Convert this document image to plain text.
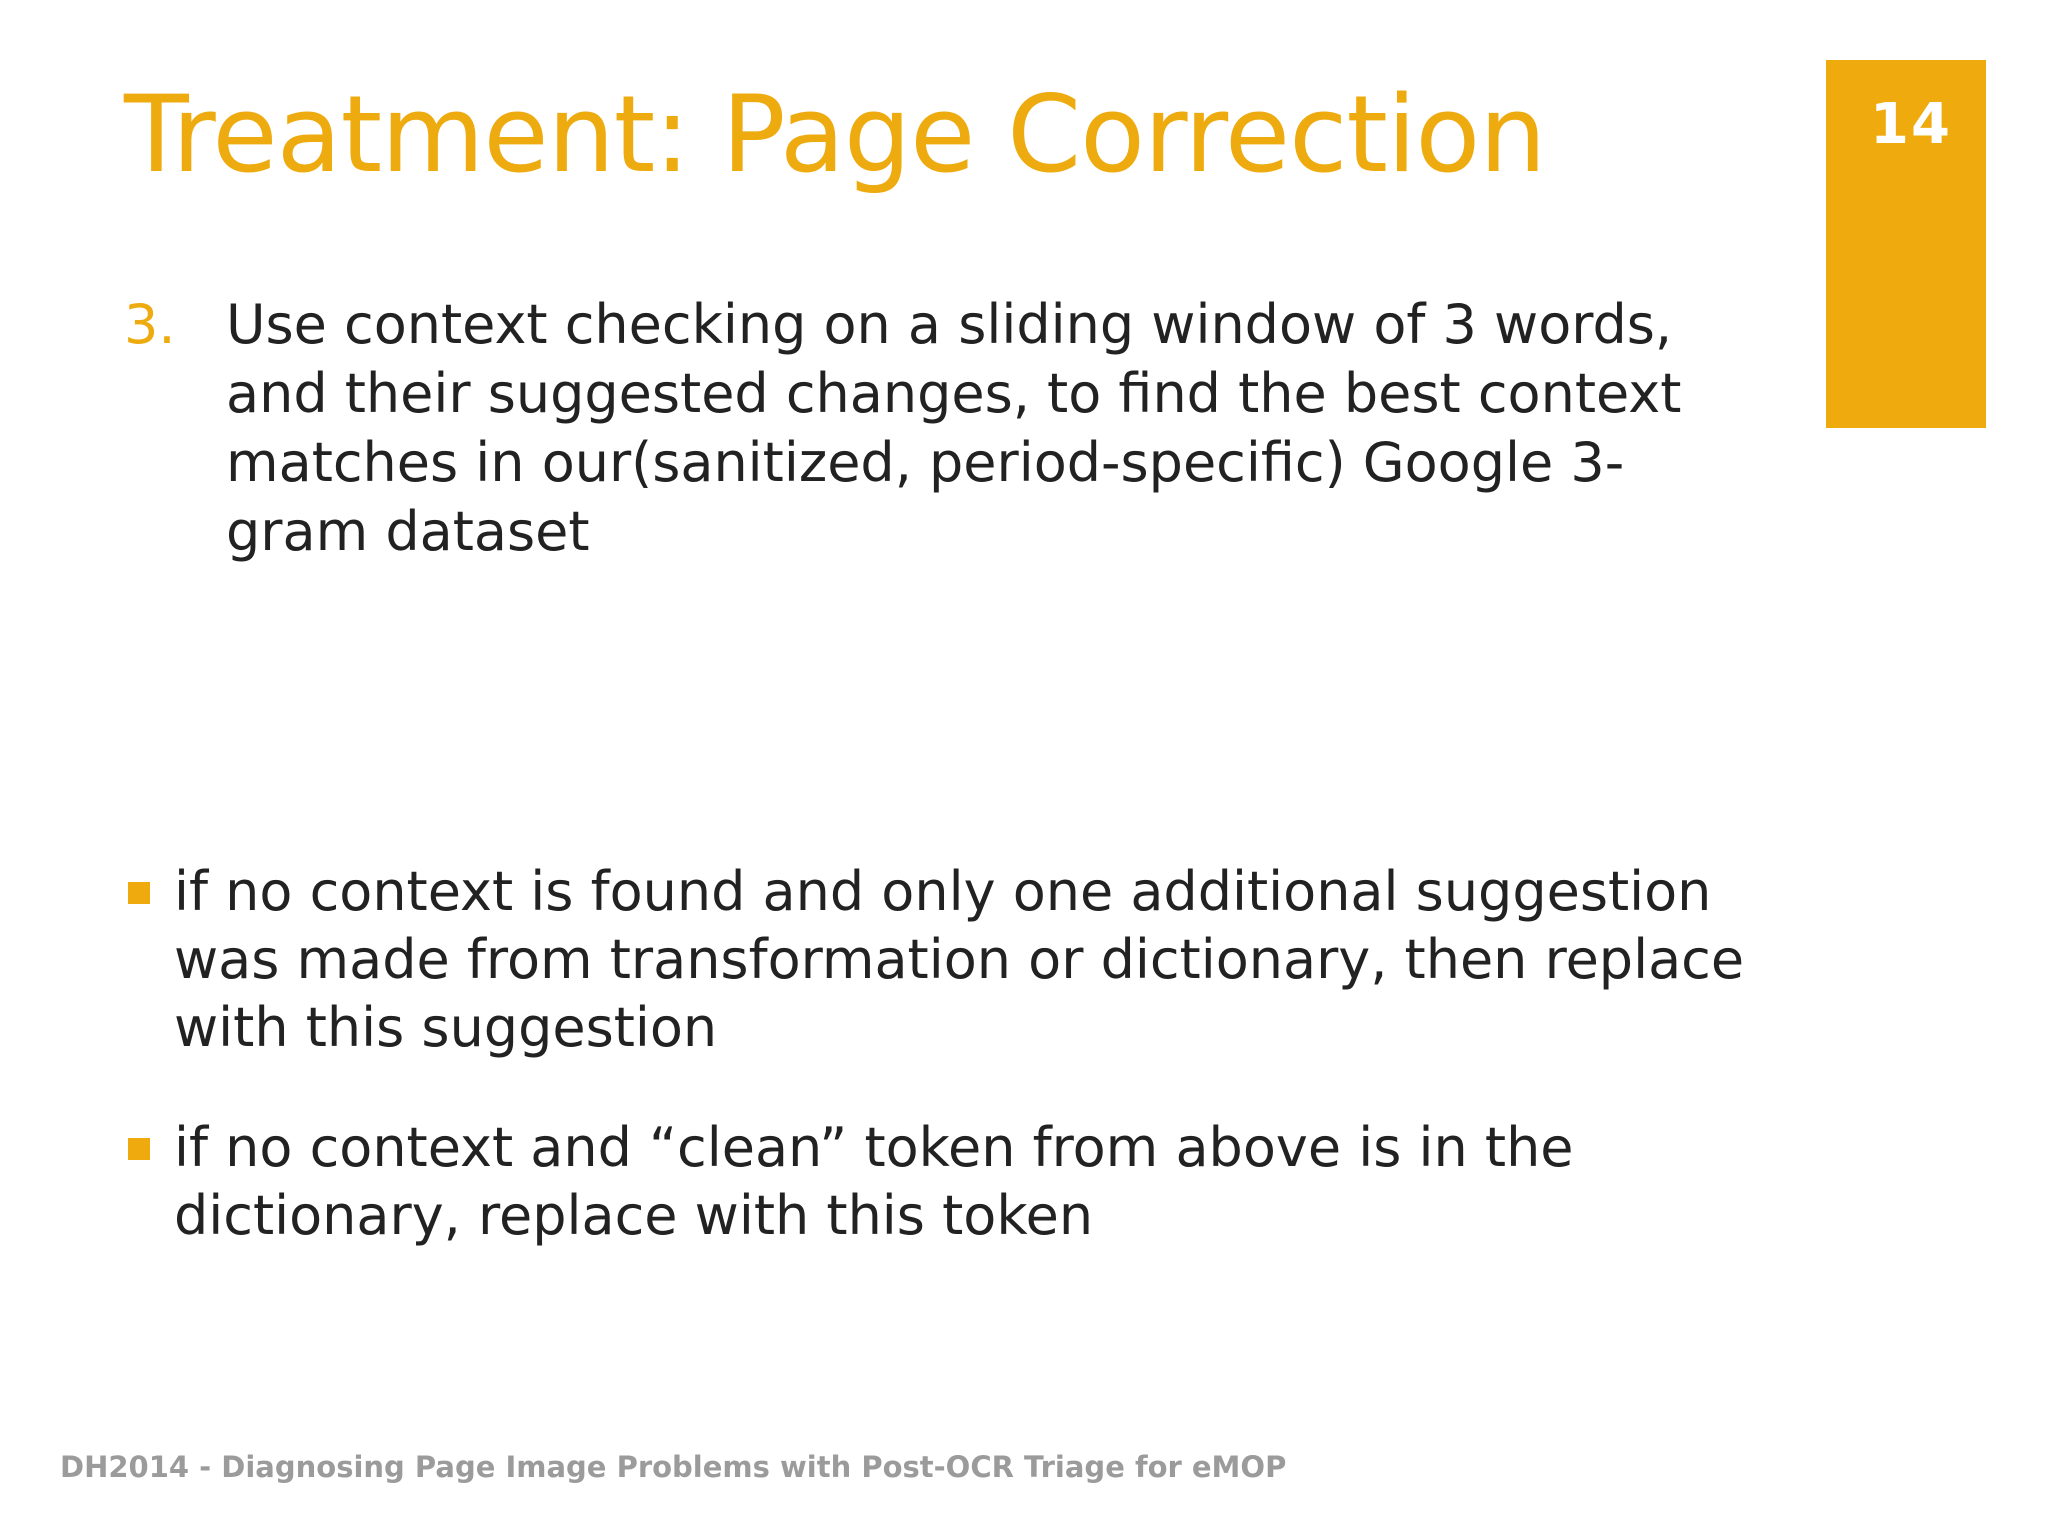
Treatment: Page Correction	14
3. Use context checking on a sliding window of 3 words, and their suggested changes, to find the best context matches in our(sanitized, period-specific) Google 3-gram dataset
if no context is found and only one additional suggestion was made from transformation or dictionary, then replace with this suggestion
if no context and “clean” token from above is in the dictionary, replace with this token
DH2014 - Diagnosing Page Image Problems with Post-OCR Triage for eMOP
